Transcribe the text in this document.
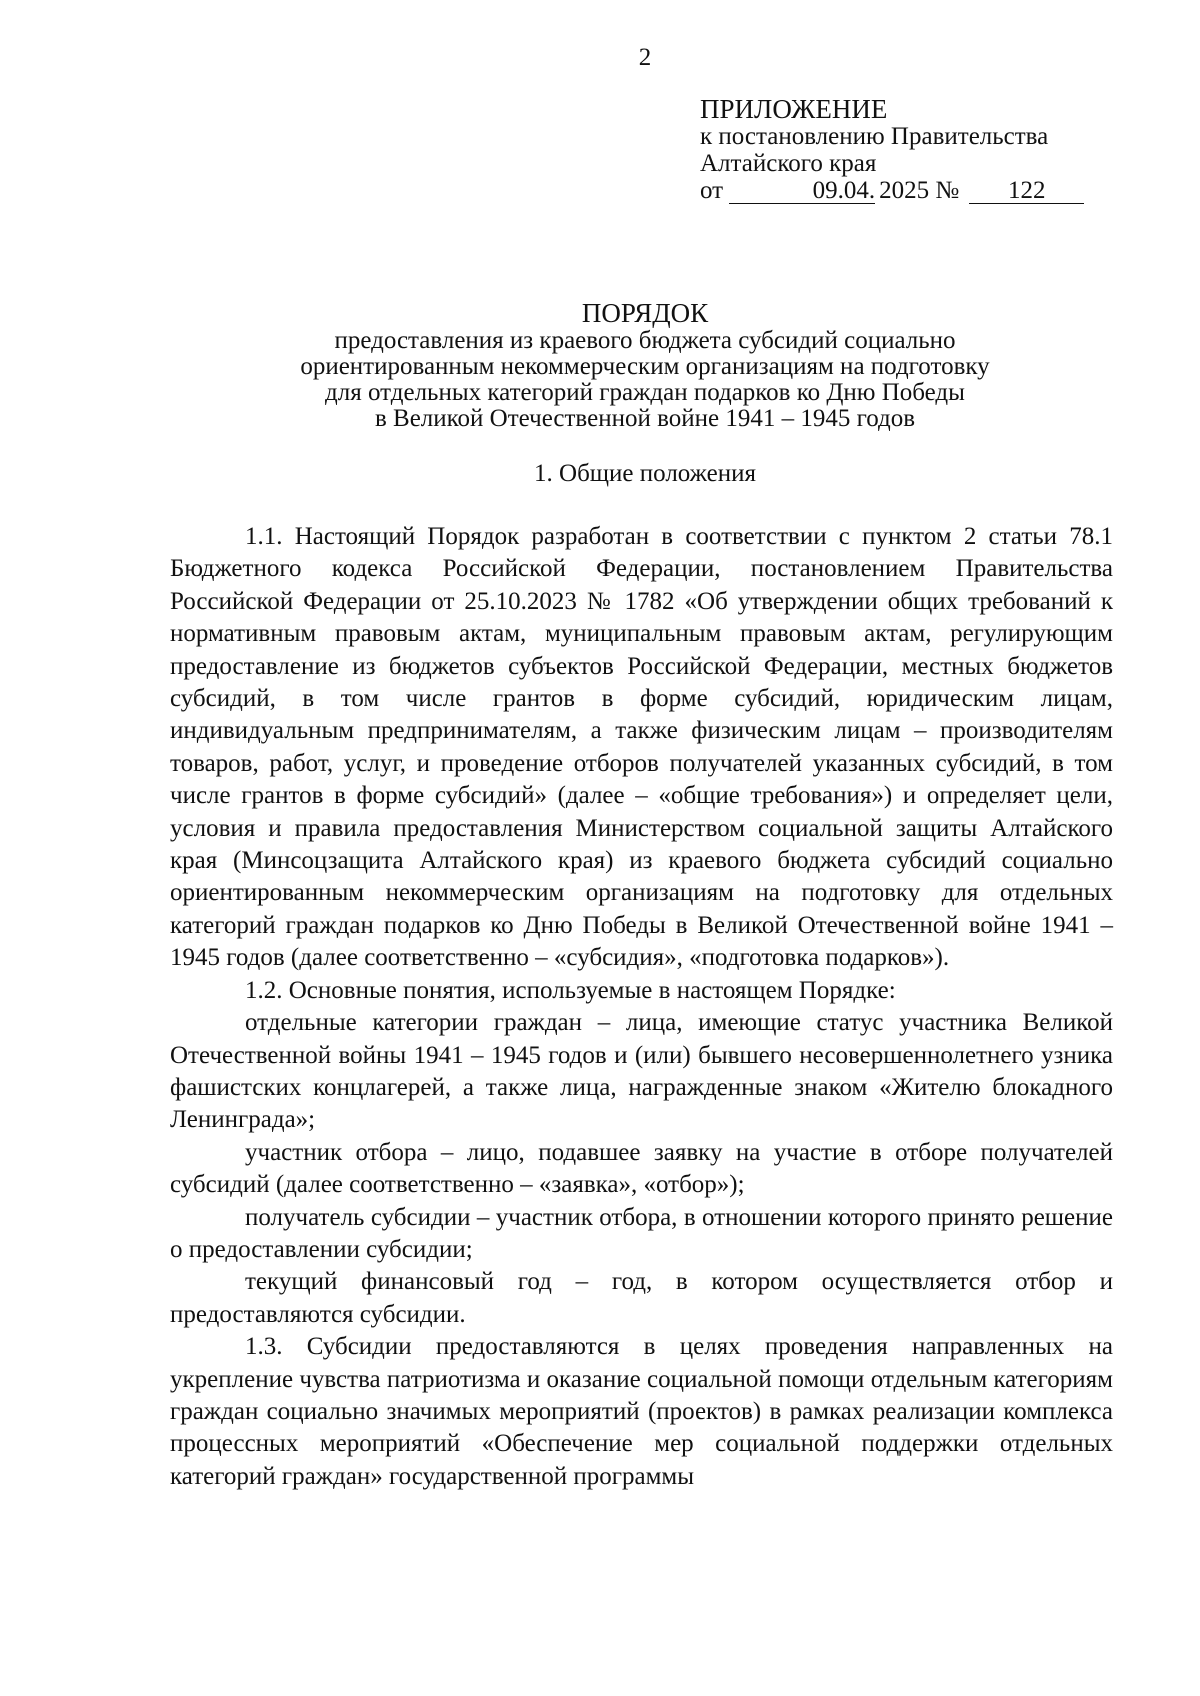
2
ПРИЛОЖЕНИЕ
к постановлению Правительства
Алтайского края
от	09.04. 2025 №	122
ПОРЯДОК
предоставления из краевого бюджета субсидий социально
ориентированным некоммерческим организациям на подготовку
для отдельных категорий граждан подарков ко Дню Победы
в Великой Отечественной войне 1941 – 1945 годов
1. Общие положения

1.1. Настоящий Порядок разработан в соответствии с пунктом 2 статьи 78.1 Бюджетного кодекса Российской Федерации, постановлением Правительства Российской Федерации от 25.10.2023 № 1782 «Об утверждении общих требований к нормативным правовым актам, муниципальным правовым актам, регулирующим предоставление из бюджетов субъектов Российской Федерации, местных бюджетов субсидий, в том числе грантов в форме субсидий, юридическим лицам, индивидуальным предпринимателям, а также физическим лицам – производителям товаров, работ, услуг, и проведение отборов получателей указанных субсидий, в том числе грантов в форме субсидий» (далее – «общие требования») и определяет цели, условия и правила предоставления Министерством социальной защиты Алтайского края (Минсоцзащита Алтайского края) из краевого бюджета субсидий социально ориентированным некоммерческим организациям на подготовку для отдельных категорий граждан подарков ко Дню Победы в Великой Отечественной войне 1941 – 1945 годов (далее соответственно – «субсидия», «подготовка подарков»).

1.2. Основные понятия, используемые в настоящем Порядке:

отдельные категории граждан – лица, имеющие статус участника Великой Отечественной войны 1941 – 1945 годов и (или) бывшего несовершеннолетнего узника фашистских концлагерей, а также лица, награжденные знаком «Жителю блокадного Ленинграда»;

участник отбора – лицо, подавшее заявку на участие в отборе получателей субсидий (далее соответственно – «заявка», «отбор»);

получатель субсидии – участник отбора, в отношении которого принято решение о предоставлении субсидии;

текущий финансовый год – год, в котором осуществляется отбор и предоставляются субсидии.

1.3. Субсидии предоставляются в целях проведения направленных на укрепление чувства патриотизма и оказание социальной помощи отдельным категориям граждан социально значимых мероприятий (проектов) в рамках реализации комплекса процессных мероприятий «Обеспечение мер социальной поддержки отдельных категорий граждан» государственной программы
